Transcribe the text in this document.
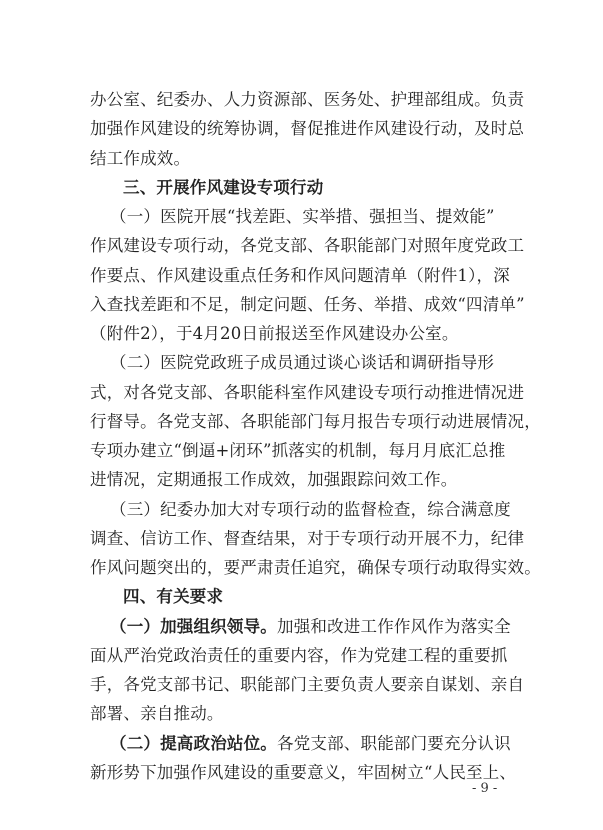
办公室、纪委办、人力资源部、医务处、护理部组成。负责
加强作风建设的统筹协调，督促推进作风建设行动，及时总
结工作成效。
三、开展作风建设专项行动
（一）医院开展“找差距、实举措、强担当、提效能”
作风建设专项行动，各党支部、各职能部门对照年度党政工
作要点、作风建设重点任务和作风问题清单（附件1），深
入查找差距和不足，制定问题、任务、举措、成效“四清单”
（附件2），于4月20日前报送至作风建设办公室。
（二）医院党政班子成员通过谈心谈话和调研指导形
式，对各党支部、各职能科室作风建设专项行动推进情况进
行督导。各党支部、各职能部门每月报告专项行动进展情况，
专项办建立“倒逼+闭环”抓落实的机制，每月月底汇总推
进情况，定期通报工作成效，加强跟踪问效工作。
（三）纪委办加大对专项行动的监督检查，综合满意度
调查、信访工作、督查结果，对于专项行动开展不力，纪律
作风问题突出的，要严肃责任追究，确保专项行动取得实效。
四、有关要求
（一）加强组织领导。加强和改进工作作风作为落实全
面从严治党政治责任的重要内容，作为党建工程的重要抓
手，各党支部书记、职能部门主要负责人要亲自谋划、亲自
部署、亲自推动。
（二）提高政治站位。各党支部、职能部门要充分认识
新形势下加强作风建设的重要意义，牢固树立“人民至上、
- 9 -
